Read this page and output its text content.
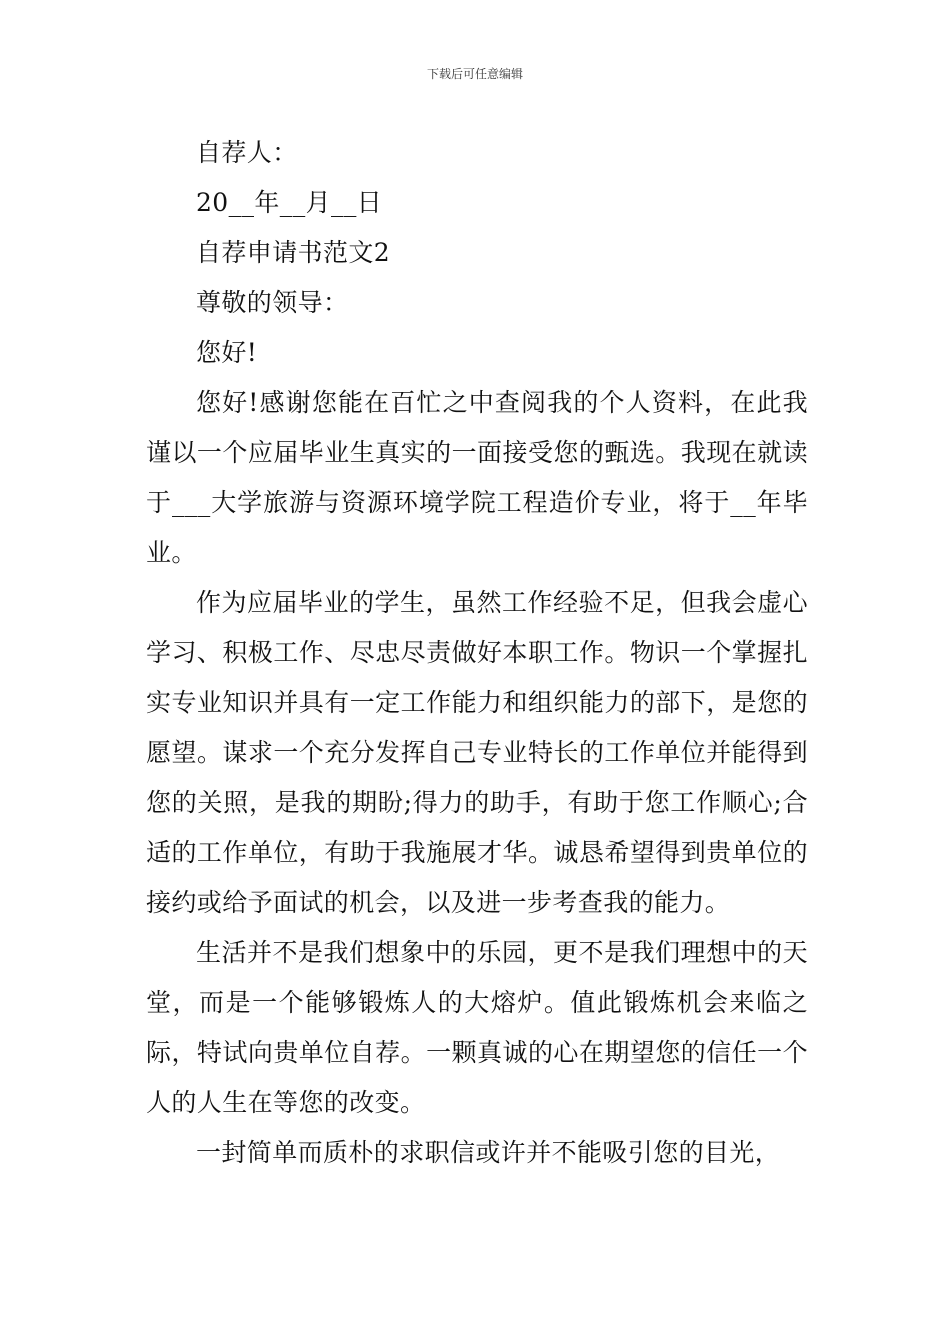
下载后可任意编辑
自荐人：
20__年__月__日
自荐申请书范文2
尊敬的领导：
您好!

您好!感谢您能在百忙之中查阅我的个人资料，在此我谨以一个应届毕业生真实的一面接受您的甄选。我现在就读于___大学旅游与资源环境学院工程造价专业，将于__年毕业。

作为应届毕业的学生，虽然工作经验不足，但我会虚心学习、积极工作、尽忠尽责做好本职工作。物识一个掌握扎实专业知识并具有一定工作能力和组织能力的部下，是您的愿望。谋求一个充分发挥自己专业特长的工作单位并能得到您的关照，是我的期盼;得力的助手，有助于您工作顺心;合适的工作单位，有助于我施展才华。诚恳希望得到贵单位的接约或给予面试的机会，以及进一步考查我的能力。

生活并不是我们想象中的乐园，更不是我们理想中的天堂，而是一个能够锻炼人的大熔炉。值此锻炼机会来临之际，特试向贵单位自荐。一颗真诚的心在期望您的信任一个人的人生在等您的改变。

一封简单而质朴的求职信或许并不能吸引您的目光，
